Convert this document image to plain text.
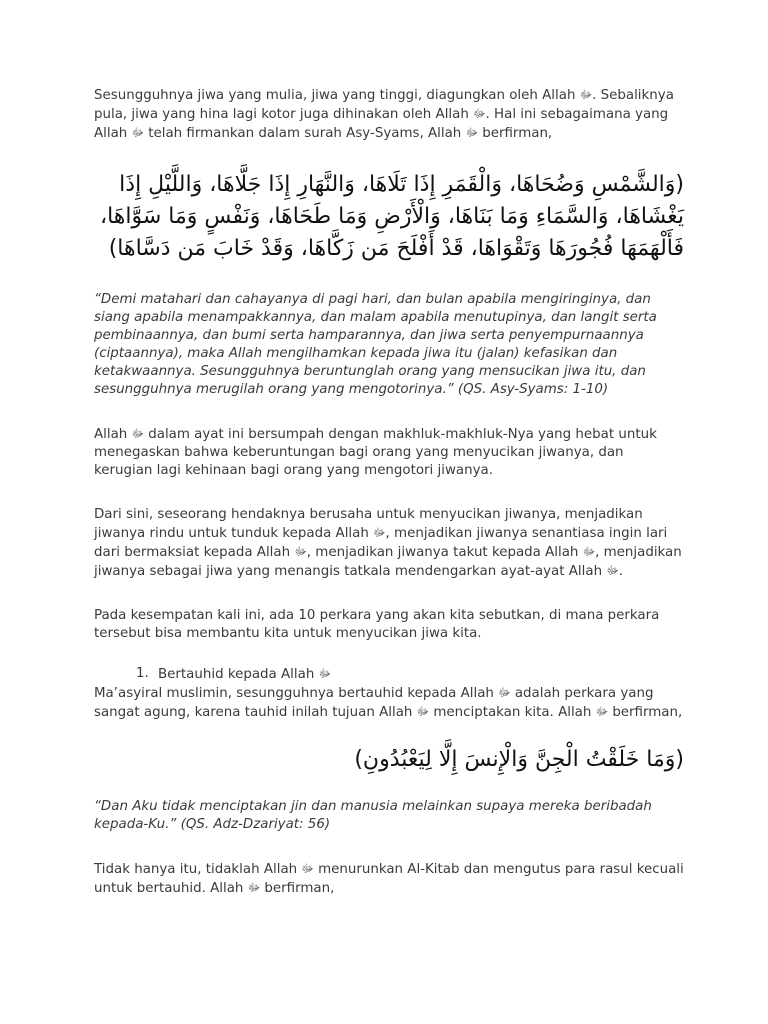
Sesungguhnya jiwa yang mulia, jiwa yang tinggi, diagungkan oleh Allah ﷻ. Sebaliknya pula, jiwa yang hina lagi kotor juga dihinakan oleh Allah ﷻ. Hal ini sebagaimana yang Allah ﷻ telah firmankan dalam surah Asy-Syams, Allah ﷻ berfirman,

(وَالشَّمْسِ وَضُحَاهَا، وَالْقَمَرِ إِذَا تَلَاهَا، وَالنَّهَارِ إِذَا جَلَّاهَا، وَاللَّيْلِ إِذَا يَغْشَاهَا، وَالسَّمَاءِ وَمَا بَنَاهَا، وَالْأَرْضِ وَمَا طَحَاهَا، وَنَفْسٍ وَمَا سَوَّاهَا، فَأَلْهَمَهَا فُجُورَهَا وَتَقْوَاهَا، قَدْ أَفْلَحَ مَن زَكَّاهَا، وَقَدْ خَابَ مَن دَسَّاهَا)

“Demi matahari dan cahayanya di pagi hari, dan bulan apabila mengiringinya, dan siang apabila menampakkannya, dan malam apabila menutupinya, dan langit serta pembinaannya, dan bumi serta hamparannya, dan jiwa serta penyempurnaannya (ciptaannya), maka Allah mengilhamkan kepada jiwa itu (jalan) kefasikan dan ketakwaannya. Sesungguhnya beruntunglah orang yang mensucikan jiwa itu, dan sesungguhnya merugilah orang yang mengotorinya.” (QS. Asy-Syams: 1-10)

Allah ﷻ dalam ayat ini bersumpah dengan makhluk-makhluk-Nya yang hebat untuk menegaskan bahwa keberuntungan bagi orang yang menyucikan jiwanya, dan kerugian lagi kehinaan bagi orang yang mengotori jiwanya.

Dari sini, seseorang hendaknya berusaha untuk menyucikan jiwanya, menjadikan jiwanya rindu untuk tunduk kepada Allah ﷻ, menjadikan jiwanya senantiasa ingin lari dari bermaksiat kepada Allah ﷻ, menjadikan jiwanya takut kepada Allah ﷻ, menjadikan jiwanya sebagai jiwa yang menangis tatkala mendengarkan ayat-ayat Allah ﷻ.

Pada kesempatan kali ini, ada 10 perkara yang akan kita sebutkan, di mana perkara tersebut bisa membantu kita untuk menyucikan jiwa kita.

1. Bertauhid kepada Allah ﷻ

Ma’asyiral muslimin, sesungguhnya bertauhid kepada Allah ﷻ adalah perkara yang sangat agung, karena tauhid inilah tujuan Allah ﷻ menciptakan kita. Allah ﷻ berfirman,

(وَمَا خَلَقْتُ الْجِنَّ وَالْإِنسَ إِلَّا لِيَعْبُدُونِ)

“Dan Aku tidak menciptakan jin dan manusia melainkan supaya mereka beribadah kepada-Ku.” (QS. Adz-Dzariyat: 56)

Tidak hanya itu, tidaklah Allah ﷻ menurunkan Al-Kitab dan mengutus para rasul kecuali untuk bertauhid. Allah ﷻ berfirman,
